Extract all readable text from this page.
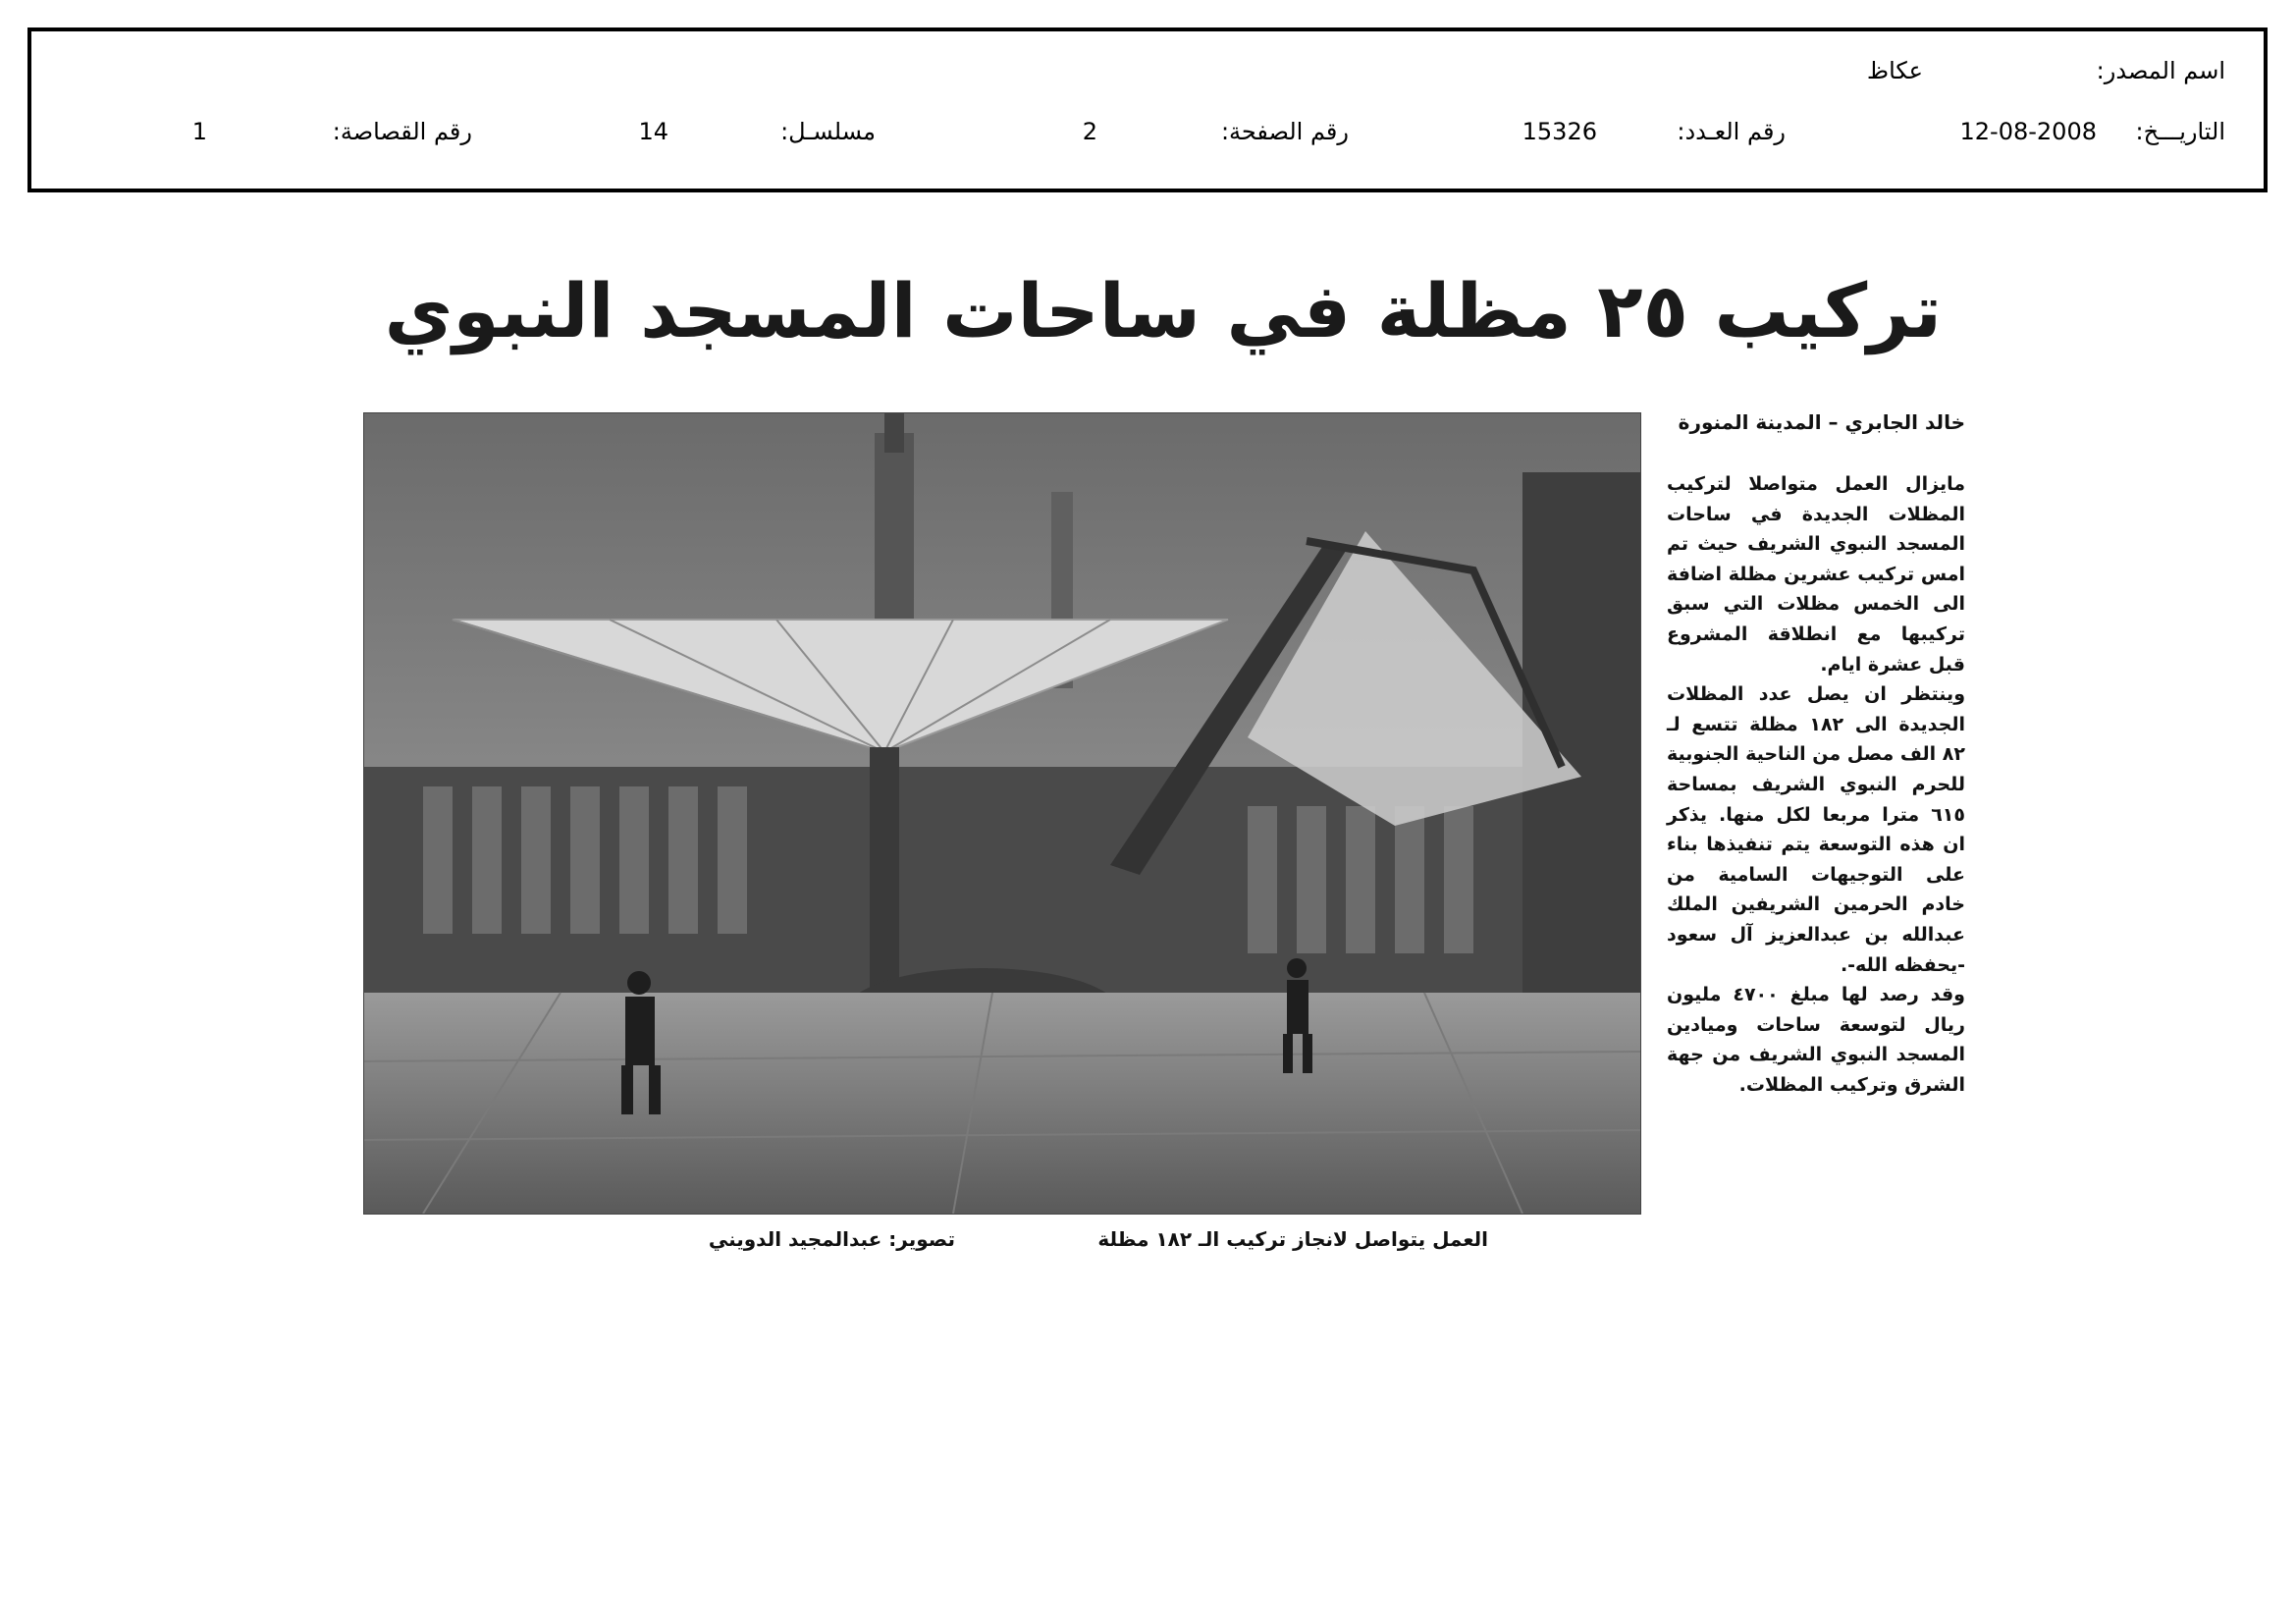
اسم المصدر:
عكاظ
التاريـــخ:
12-08-2008
رقم العـدد:
15326
رقم الصفحة:
2
مسلسـل:
14
رقم القصاصة:
1
تركيب ٢٥ مظلة في ساحات المسجد النبوي
خالد الجابري – المدينة المنورة

مايزال العمل متواصلا لتركيب المظلات الجديدة في ساحات المسجد النبوي الشريف حيث تم امس تركيب عشرين مظلة اضافة الى الخمس مظلات التي سبق تركيبها مع انطلاقة المشروع قبل عشرة ايام.

وينتظر ان يصل عدد المظلات الجديدة الى ١٨٢ مظلة تتسع لـ ٨٢ الف مصل من الناحية الجنوبية للحرم النبوي الشريف بمساحة ٦١٥ مترا مربعا لكل منها. يذكر ان هذه التوسعة يتم تنفيذها بناء على التوجيهات السامية من خادم الحرمين الشريفين الملك عبدالله بن عبدالعزيز آل سعود -يحفظه الله-.

وقد رصد لها مبلغ ٤٧٠٠ مليون ريال لتوسعة ساحات وميادين المسجد النبوي الشريف من جهة الشرق وتركيب المظلات.

العمل يتواصل لانجاز تركيب الـ ١٨٢ مظلة
تصوير: عبدالمجيد الدويني
